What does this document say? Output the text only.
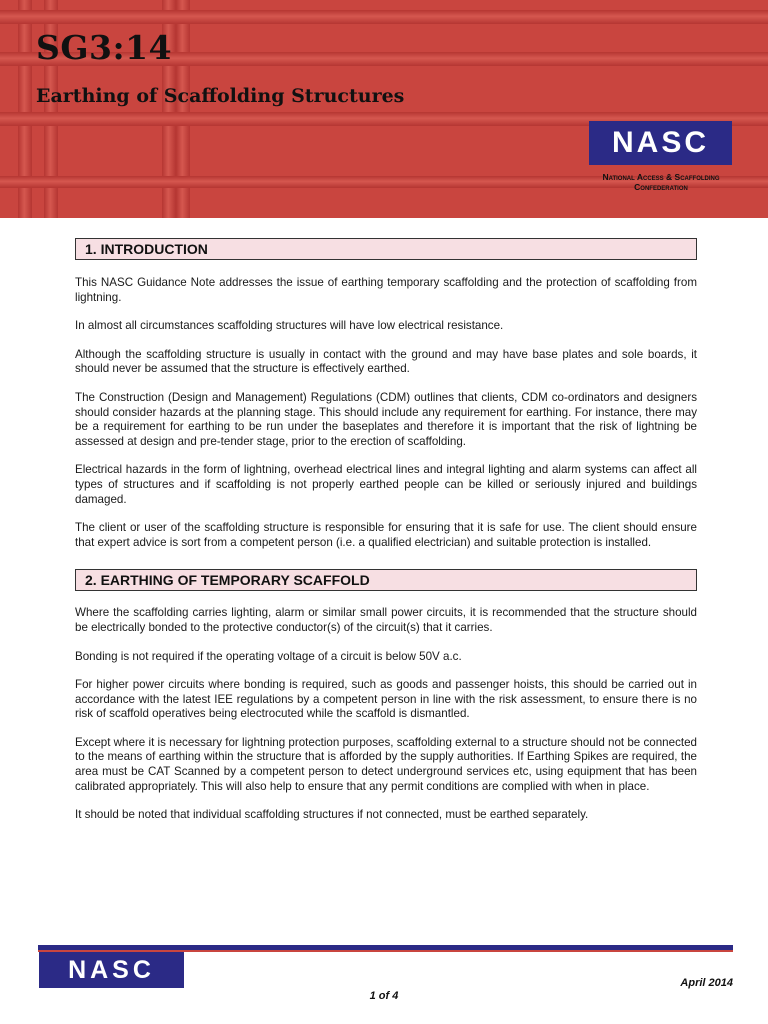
SG3:14
Earthing of Scaffolding Structures
NASC
National Access & Scaffolding
Confederation
1. INTRODUCTION

This NASC Guidance Note addresses the issue of earthing temporary scaffolding and the protection of scaffolding from lightning.

In almost all circumstances scaffolding structures will have low electrical resistance.

Although the scaffolding structure is usually in contact with the ground and may have base plates and sole boards, it should never be assumed that the structure is effectively earthed.

The Construction (Design and Management) Regulations (CDM) outlines that clients, CDM co-ordinators and designers should consider hazards at the planning stage. This should include any requirement for earthing. For instance, there may be a requirement for earthing to be run under the baseplates and therefore it is important that the risk of lightning be assessed at design and pre-tender stage, prior to the erection of scaffolding.

Electrical hazards in the form of lightning, overhead electrical lines and integral lighting and alarm systems can affect all types of structures and if scaffolding is not properly earthed people can be killed or seriously injured and buildings damaged.

The client or user of the scaffolding structure is responsible for ensuring that it is safe for use. The client should ensure that expert advice is sort from a competent person (i.e. a qualified electrician) and suitable protection is installed.

2. EARTHING OF TEMPORARY SCAFFOLD

Where the scaffolding carries lighting, alarm or similar small power circuits, it is recommended that the structure should be electrically bonded to the protective conductor(s) of the circuit(s) that it carries.

Bonding is not required if the operating voltage of a circuit is below 50V a.c.

For higher power circuits where bonding is required, such as goods and passenger hoists, this should be carried out in accordance with the latest IEE regulations by a competent person in line with the risk assessment, to ensure there is no risk of scaffold operatives being electrocuted while the scaffold is dismantled.

Except where it is necessary for lightning protection purposes, scaffolding external to a structure should not be connected to the means of earthing within the structure that is afforded by the supply authorities. If Earthing Spikes are required, the area must be CAT Scanned by a competent person to detect underground services etc, using equipment that has been calibrated appropriately. This will also help to ensure that any permit conditions are complied with when in place.

It should be noted that individual scaffolding structures if not connected, must be earthed separately.

NASC	April 2014
1 of 4
